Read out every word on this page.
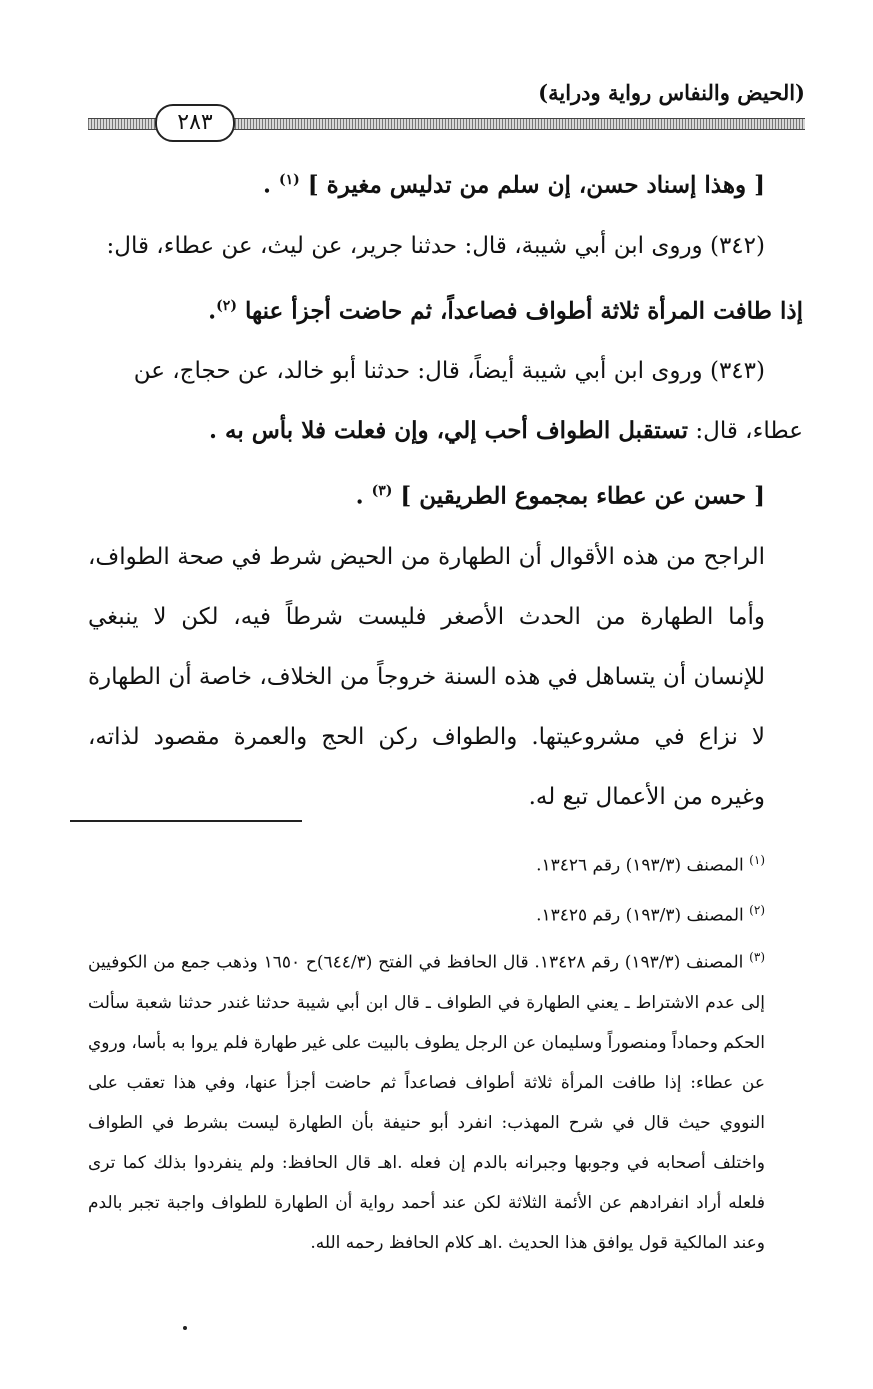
(الحيض والنفاس رواية ودراية)
٢٨٣

[ وهذا إسناد حسن، إن سلم من تدليس مغيرة ] $^{(١)}$ .

(٣٤٢) وروى ابن أبي شيبة، قال: حدثنا جرير، عن ليث، عن عطاء، قال:

إذا طافت المرأة ثلاثة أطواف فصاعداً، ثم حاضت أجزأ عنها $^{(٢)}$.

(٣٤٣) وروى ابن أبي شيبة أيضاً، قال: حدثنا أبو خالد، عن حجاج، عن

عطاء، قال: تستقبل الطواف أحب إلي، وإن فعلت فلا بأس به .

[ حسن عن عطاء بمجموع الطريقين ] $^{(٣)}$ .

الراجح من هذه الأقوال أن الطهارة من الحيض شرط في صحة الطواف، وأما الطهارة من الحدث الأصغر فليست شرطاً فيه، لكن لا ينبغي للإنسان أن يتساهل في هذه السنة خروجاً من الخلاف، خاصة أن الطهارة لا نزاع في مشروعيتها. والطواف ركن الحج والعمرة مقصود لذاته، وغيره من الأعمال تبع له.

$^{(١)}$ المصنف (١٩٣/٣) رقم ١٣٤٢٦.

$^{(٢)}$ المصنف (١٩٣/٣) رقم ١٣٤٢٥.

$^{(٣)}$ المصنف (١٩٣/٣) رقم ١٣٤٢٨. قال الحافظ في الفتح (٦٤٤/٣)ح ١٦٥٠ وذهب جمع من الكوفيين إلى عدم الاشتراط ـ يعني الطهارة في الطواف ـ قال ابن أبي شيبة حدثنا غندر حدثنا شعبة سألت الحكم وحماداً ومنصوراً وسليمان عن الرجل يطوف بالبيت على غير طهارة فلم يروا به بأسا، وروي عن عطاء: إذا طافت المرأة ثلاثة أطواف فصاعداً ثم حاضت أجزأ عنها، وفي هذا تعقب على النووي حيث قال في شرح المهذب: انفرد أبو حنيفة بأن الطهارة ليست بشرط في الطواف واختلف أصحابه في وجوبها وجبرانه بالدم إن فعله .اهـ قال الحافظ: ولم ينفردوا بذلك كما ترى فلعله أراد انفرادهم عن الأئمة الثلاثة لكن عند أحمد رواية أن الطهارة للطواف واجبة تجبر بالدم وعند المالكية قول يوافق هذا الحديث .اهـ كلام الحافظ رحمه الله.
